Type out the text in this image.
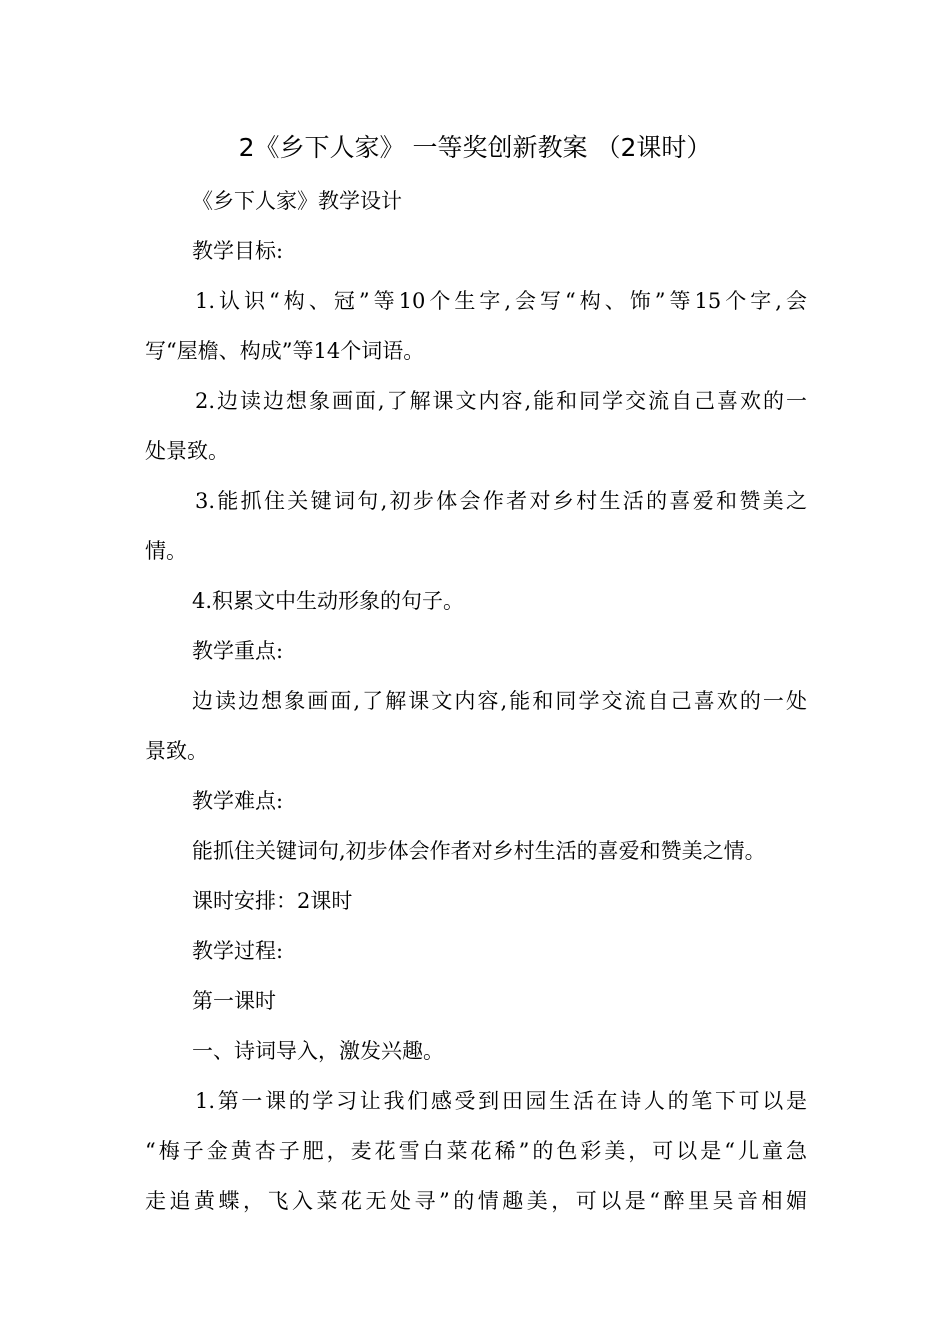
2《乡下人家》 一等奖创新教案 （2课时）
《乡下人家》教学设计
教学目标:
1.认识“构、冠”等10个生字,会写“构、饰”等15个字,会
写“屋檐、构成”等14个词语。
2.边读边想象画面,了解课文内容,能和同学交流自己喜欢的一
处景致。
3.能抓住关键词句,初步体会作者对乡村生活的喜爱和赞美之
情。
4.积累文中生动形象的句子。
教学重点:
边读边想象画面,了解课文内容,能和同学交流自己喜欢的一处
景致。
教学难点:
能抓住关键词句,初步体会作者对乡村生活的喜爱和赞美之情。
课时安排：2课时
教学过程:
第一课时
一、诗词导入，激发兴趣。
1.第一课的学习让我们感受到田园生活在诗人的笔下可以是
“梅子金黄杏子肥，麦花雪白菜花稀”的色彩美，可以是“儿童急
走追黄蝶，飞入菜花无处寻”的情趣美，可以是“醉里吴音相媚
